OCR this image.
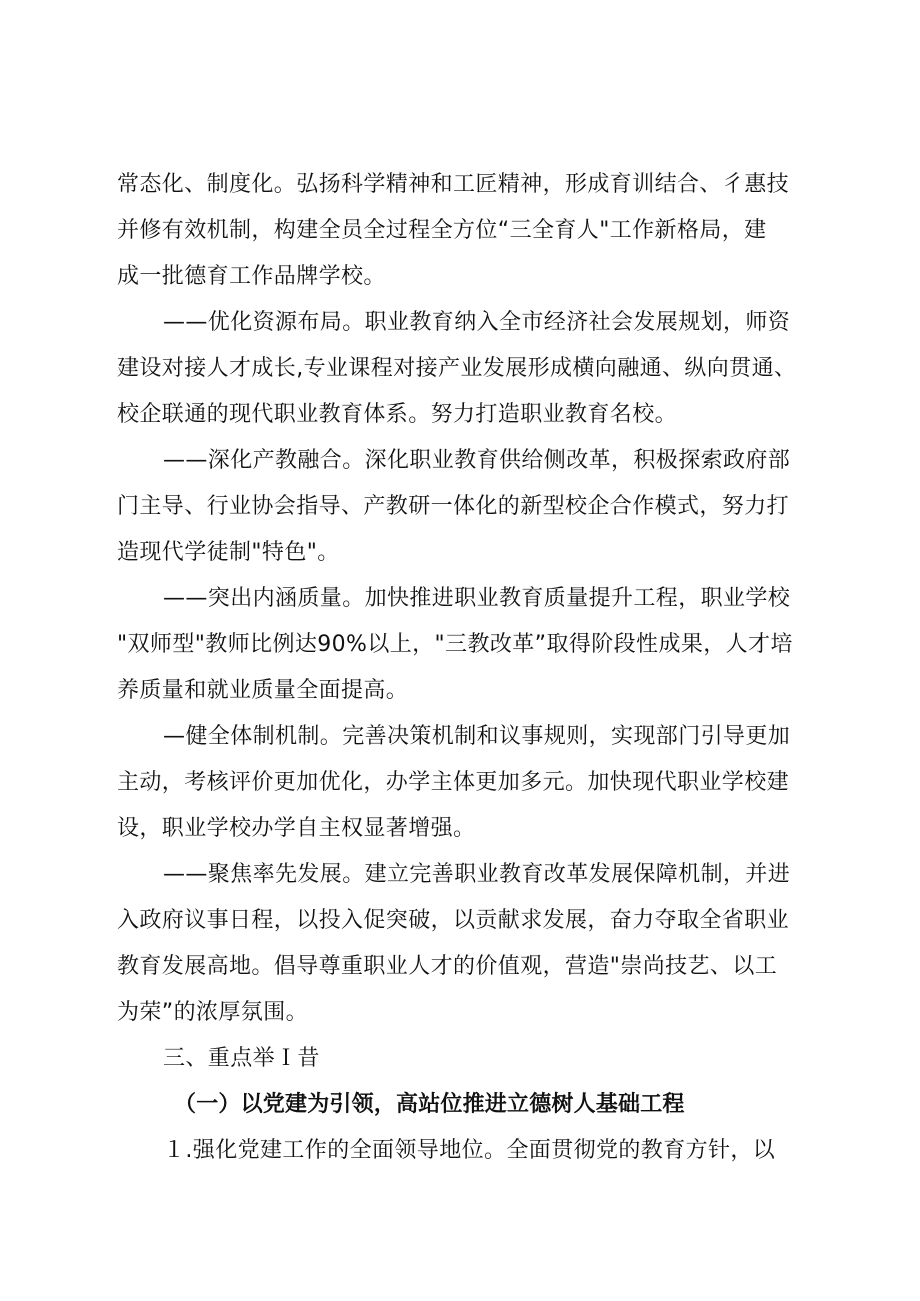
常态化、制度化。弘扬科学精神和工匠精神，形成育训结合、彳惠技
并修有效机制，构建全员全过程全方位“三全育人"工作新格局，建
成一批德育工作品牌学校。
——优化资源布局。职业教育纳入全市经济社会发展规划，师资
建设对接人才成长,专业课程对接产业发展形成横向融通、纵向贯通、
校企联通的现代职业教育体系。努力打造职业教育名校。
——深化产教融合。深化职业教育供给侧改革，积极探索政府部
门主导、行业协会指导、产教研一体化的新型校企合作模式，努力打
造现代学徒制"特色"。
——突出内涵质量。加快推进职业教育质量提升工程，职业学校
"双师型"教师比例达90%以上，"三教改革”取得阶段性成果，人才培
养质量和就业质量全面提高。
—健全体制机制。完善决策机制和议事规则，实现部门引导更加
主动，考核评价更加优化，办学主体更加多元。加快现代职业学校建
设，职业学校办学自主权显著增强。
——聚焦率先发展。建立完善职业教育改革发展保障机制，并进
入政府议事日程，以投入促突破，以贡献求发展，奋力夺取全省职业
教育发展高地。倡导尊重职业人才的价值观，营造"崇尚技艺、以工
为荣”的浓厚氛围。
三、重点举Ｉ昔
（一）以党建为引领，高站位推进立德树人基础工程
１.强化党建工作的全面领导地位。全面贯彻党的教育方针，以
